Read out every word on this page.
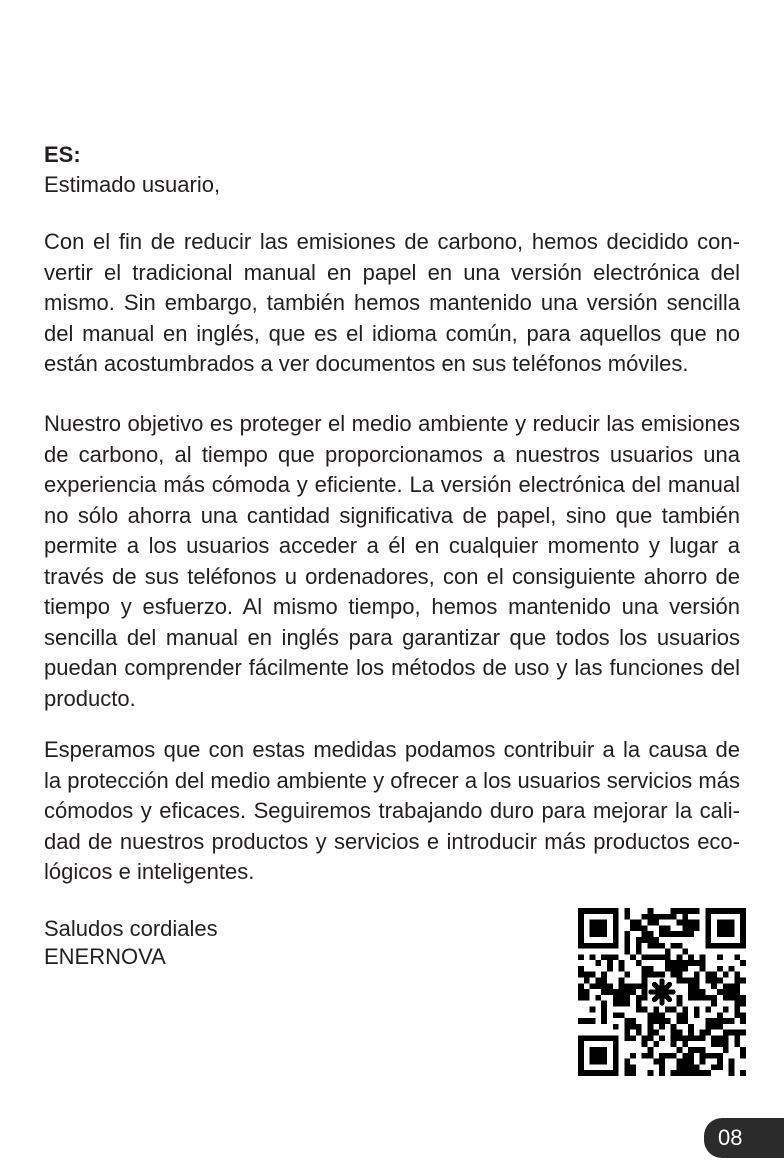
ES:
Estimado usuario,
Con el fin de reducir las emisiones de carbono, hemos decidido convertir el tradicional manual en papel en una versión electrónica del mismo. Sin embargo, también hemos mantenido una versión sencilla del manual en inglés, que es el idioma común, para aquellos que no están acostumbrados a ver documentos en sus teléfonos móviles.
Nuestro objetivo es proteger el medio ambiente y reducir las emisiones de carbono, al tiempo que proporcionamos a nuestros usuarios una experiencia más cómoda y eficiente. La versión electrónica del manual no sólo ahorra una cantidad significativa de papel, sino que también permite a los usuarios acceder a él en cualquier momento y lugar a través de sus teléfonos u ordenadores, con el consiguiente ahorro de tiempo y esfuerzo. Al mismo tiempo, hemos mantenido una versión sencilla del manual en inglés para garantizar que todos los usuarios puedan comprender fácilmente los métodos de uso y las funciones del producto.
Esperamos que con estas medidas podamos contribuir a la causa de la protección del medio ambiente y ofrecer a los usuarios servicios más cómodos y eficaces. Seguiremos trabajando duro para mejorar la calidad de nuestros productos y servicios e introducir más productos ecológicos e inteligentes.
Saludos cordiales
ENERNOVA
08
